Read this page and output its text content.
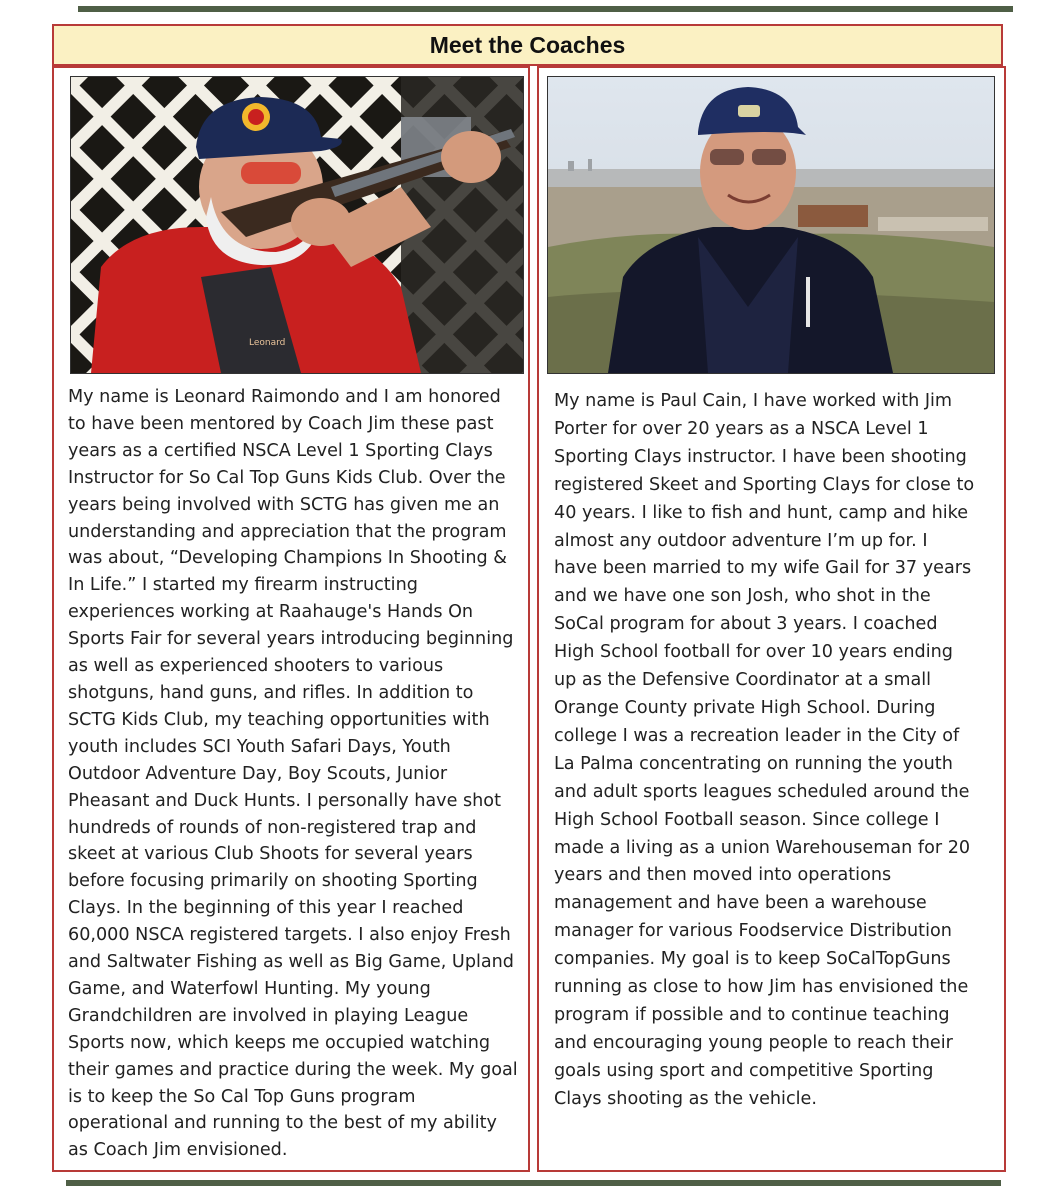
Meet the Coaches
Leonard

My name is Leonard Raimondo and I am honored
to have been mentored by Coach Jim these past
years as a certified NSCA Level 1 Sporting Clays
Instructor for So Cal Top Guns Kids Club. Over the
years being involved with SCTG has given me an
understanding and appreciation that the program
was about, “Developing Champions In Shooting &
In Life.” I started my firearm instructing
experiences working at Raahauge's Hands On
Sports Fair for several years introducing beginning
as well as experienced shooters to various
shotguns, hand guns, and rifles. In addition to
SCTG Kids Club, my teaching opportunities with
youth includes SCI Youth Safari Days, Youth
Outdoor Adventure Day, Boy Scouts, Junior
Pheasant and Duck Hunts. I personally have shot
hundreds of rounds of non-registered trap and
skeet at various Club Shoots for several years
before focusing primarily on shooting Sporting
Clays. In the beginning of this year I reached
60,000 NSCA registered targets. I also enjoy Fresh
and Saltwater Fishing as well as Big Game, Upland
Game, and Waterfowl Hunting. My young
Grandchildren are involved in playing League
Sports now, which keeps me occupied watching
their games and practice during the week. My goal
is to keep the So Cal Top Guns program
operational and running to the best of my ability
as Coach Jim envisioned.

My name is Paul Cain, I have worked with Jim
Porter for over 20 years as a NSCA Level 1
Sporting Clays instructor. I have been shooting
registered Skeet and Sporting Clays for close to
40 years. I like to fish and hunt, camp and hike
almost any outdoor adventure I’m up for. I
have been married to my wife Gail for 37 years
and we have one son Josh, who shot in the
SoCal program for about 3 years. I coached
High School football for over 10 years ending
up as the Defensive Coordinator at a small
Orange County private High School. During
college I was a recreation leader in the City of
La Palma concentrating on running the youth
and adult sports leagues scheduled around the
High School Football season. Since college I
made a living as a union Warehouseman for 20
years and then moved into operations
management and have been a warehouse
manager for various Foodservice Distribution
companies. My goal is to keep SoCalTopGuns
running as close to how Jim has envisioned the
program if possible and to continue teaching
and encouraging young people to reach their
goals using sport and competitive Sporting
Clays shooting as the vehicle.
